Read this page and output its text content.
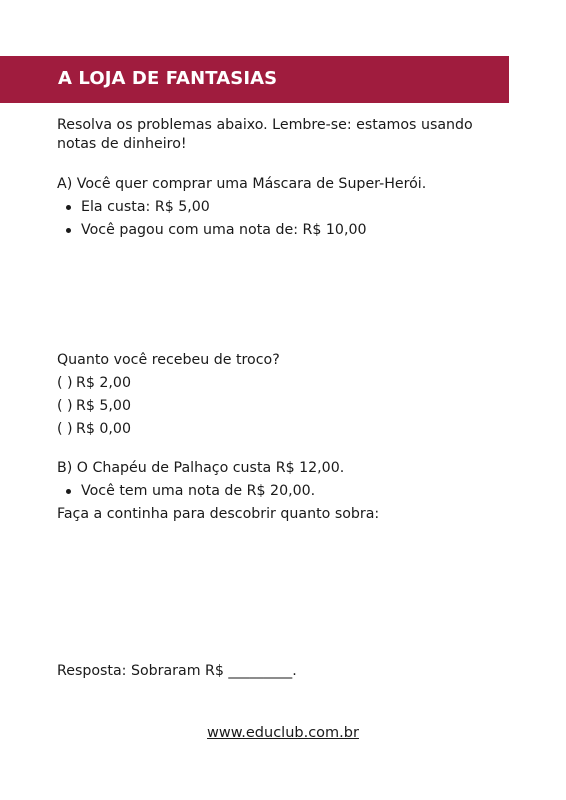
A LOJA DE FANTASIAS

Resolva os problemas abaixo. Lembre-se: estamos usando notas de dinheiro!

A) Você quer comprar uma Máscara de Super-Herói.

Ela custa: R$ 5,00
Você pagou com uma nota de: R$ 10,00

Quanto você recebeu de troco?

( ) R$ 2,00

( ) R$ 5,00

( ) R$ 0,00

B) O Chapéu de Palhaço custa R$ 12,00.

Você tem uma nota de R$ 20,00.

Faça a continha para descobrir quanto sobra:

Resposta: Sobraram R$ _________.

www.educlub.com.br
